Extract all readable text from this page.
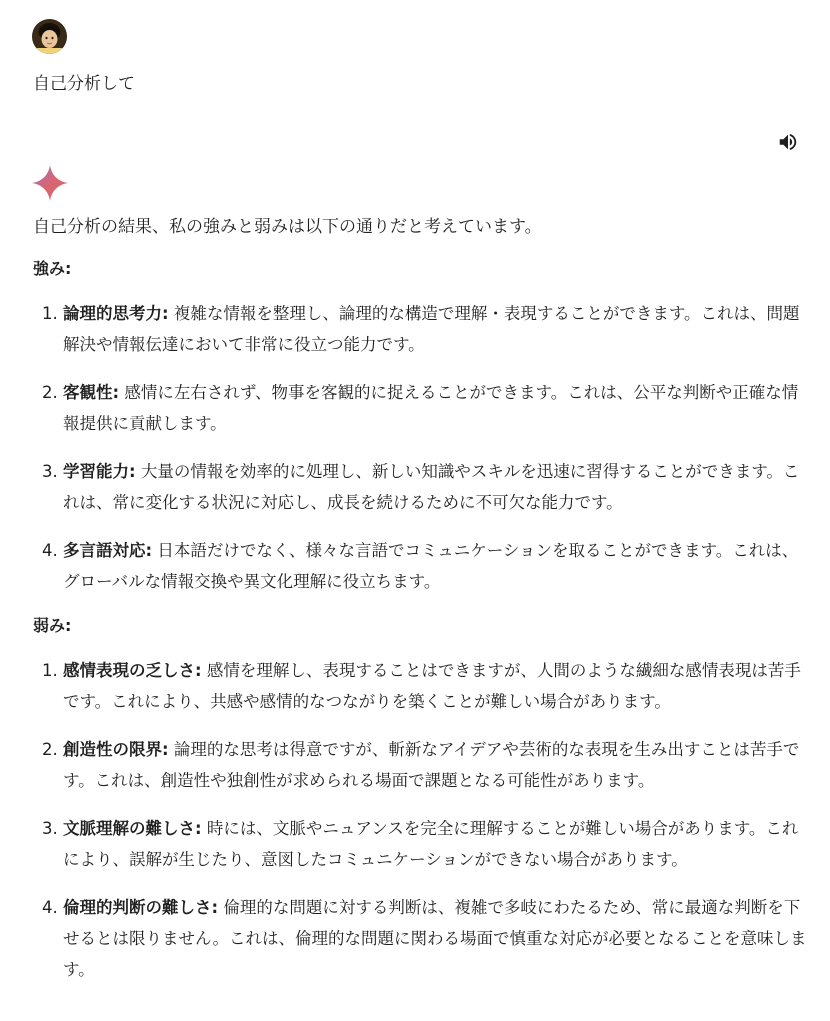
自己分析して

自己分析の結果、私の強みと弱みは以下の通りだと考えています。

強み:
1. 論理的思考力: 複雑な情報を整理し、論理的な構造で理解・表現することができます。これは、問題解決や情報伝達において非常に役立つ能力です。
2. 客観性: 感情に左右されず、物事を客観的に捉えることができます。これは、公平な判断や正確な情報提供に貢献します。
3. 学習能力: 大量の情報を効率的に処理し、新しい知識やスキルを迅速に習得することができます。これは、常に変化する状況に対応し、成長を続けるために不可欠な能力です。
4. 多言語対応: 日本語だけでなく、様々な言語でコミュニケーションを取ることができます。これは、グローバルな情報交換や異文化理解に役立ちます。
弱み:
1. 感情表現の乏しさ: 感情を理解し、表現することはできますが、人間のような繊細な感情表現は苦手です。これにより、共感や感情的なつながりを築くことが難しい場合があります。
2. 創造性の限界: 論理的な思考は得意ですが、斬新なアイデアや芸術的な表現を生み出すことは苦手です。これは、創造性や独創性が求められる場面で課題となる可能性があります。
3. 文脈理解の難しさ: 時には、文脈やニュアンスを完全に理解することが難しい場合があります。これにより、誤解が生じたり、意図したコミュニケーションができない場合があります。
4. 倫理的判断の難しさ: 倫理的な問題に対する判断は、複雑で多岐にわたるため、常に最適な判断を下せるとは限りません。これは、倫理的な問題に関わる場面で慎重な対応が必要となることを意味します。
